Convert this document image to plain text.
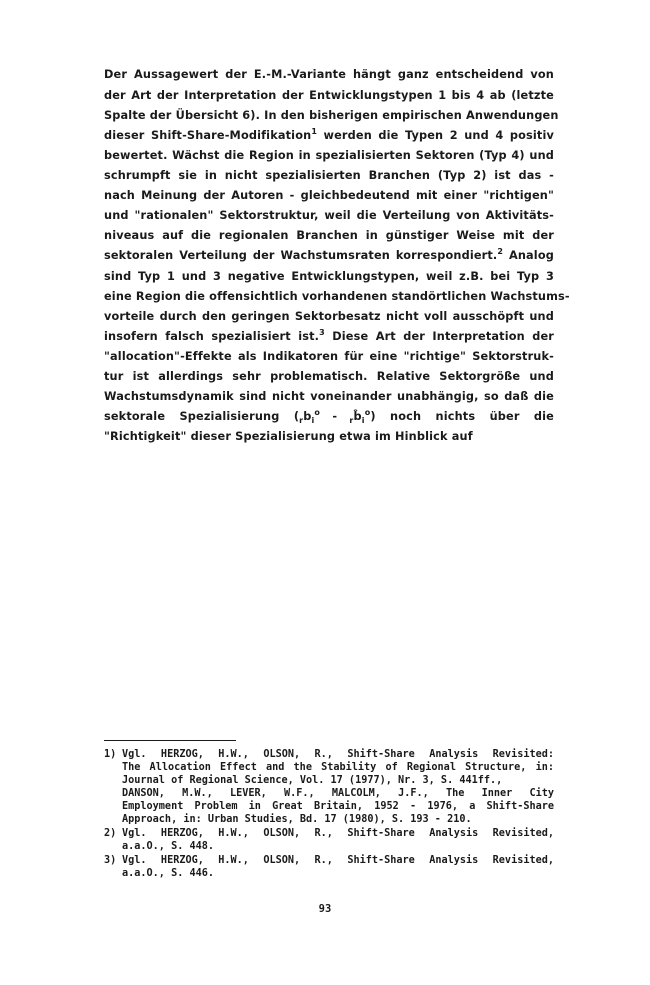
Der Aussagewert der E.-M.-Variante hängt ganz entscheidend von
der Art der Interpretation der Entwicklungstypen 1 bis 4 ab (letzte
Spalte der Übersicht 6). In den bisherigen empirischen Anwendungen
dieser Shift-Share-Modifikation$^1$ werden die Typen 2 und 4 positiv
bewertet. Wächst die Region in spezialisierten Sektoren (Typ 4) und
schrumpft sie in nicht spezialisierten Branchen (Typ 2) ist das -
nach Meinung der Autoren - gleichbedeutend mit einer "richtigen"
und "rationalen" Sektorstruktur, weil die Verteilung von Aktivitäts-
niveaus auf die regionalen Branchen in günstiger Weise mit der
sektoralen Verteilung der Wachstumsraten korrespondiert.$^2$ Analog
sind Typ 1 und 3 negative Entwicklungstypen, weil z.B. bei Typ 3
eine Region die offensichtlich vorhandenen standörtlichen Wachstums-
vorteile durch den geringen Sektorbesatz nicht voll ausschöpft und
insofern falsch spezialisiert ist.$^3$ Diese Art der Interpretation der
"allocation"-Effekte als Indikatoren für eine "richtige" Sektorstruk-
tur ist allerdings sehr problematisch. Relative Sektorgröße und
Wachstumsdynamik sind nicht voneinander unabhängig, so daß die
sektorale Spezialisierung ($_rb_i^o$ - $_rb̂_i^o$) noch nichts über die
"Richtigkeit" dieser Spezialisierung etwa im Hinblick auf
1) Vgl. HERZOG, H.W., OLSON, R., Shift-Share Analysis Revisited:
The Allocation Effect and the Stability of Regional Structure, in:
Journal of Regional Science, Vol. 17 (1977), Nr. 3, S. 441ff.,
DANSON, M.W., LEVER, W.F., MALCOLM, J.F., The Inner City
Employment Problem in Great Britain, 1952 - 1976, a Shift-Share
Approach, in: Urban Studies, Bd. 17 (1980), S. 193 - 210.
2) Vgl. HERZOG, H.W., OLSON, R., Shift-Share Analysis Revisited,
a.a.O., S. 448.
3) Vgl. HERZOG, H.W., OLSON, R., Shift-Share Analysis Revisited,
a.a.O., S. 446.
93
